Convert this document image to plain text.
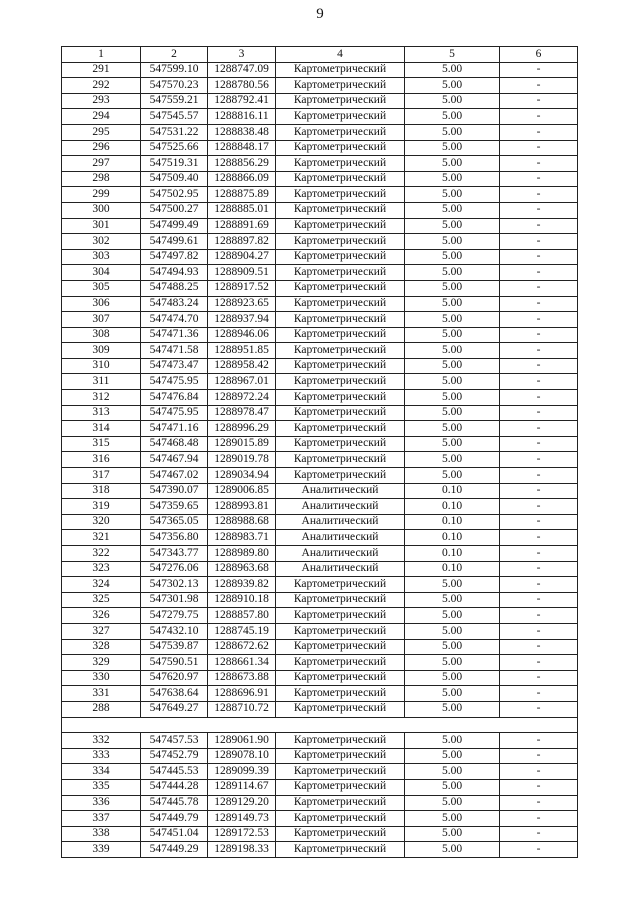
9
1	2	3	4	5	6
291	547599.10	1288747.09	Картометрический	5.00	-
292	547570.23	1288780.56	Картометрический	5.00	-
293	547559.21	1288792.41	Картометрический	5.00	-
294	547545.57	1288816.11	Картометрический	5.00	-
295	547531.22	1288838.48	Картометрический	5.00	-
296	547525.66	1288848.17	Картометрический	5.00	-
297	547519.31	1288856.29	Картометрический	5.00	-
298	547509.40	1288866.09	Картометрический	5.00	-
299	547502.95	1288875.89	Картометрический	5.00	-
300	547500.27	1288885.01	Картометрический	5.00	-
301	547499.49	1288891.69	Картометрический	5.00	-
302	547499.61	1288897.82	Картометрический	5.00	-
303	547497.82	1288904.27	Картометрический	5.00	-
304	547494.93	1288909.51	Картометрический	5.00	-
305	547488.25	1288917.52	Картометрический	5.00	-
306	547483.24	1288923.65	Картометрический	5.00	-
307	547474.70	1288937.94	Картометрический	5.00	-
308	547471.36	1288946.06	Картометрический	5.00	-
309	547471.58	1288951.85	Картометрический	5.00	-
310	547473.47	1288958.42	Картометрический	5.00	-
311	547475.95	1288967.01	Картометрический	5.00	-
312	547476.84	1288972.24	Картометрический	5.00	-
313	547475.95	1288978.47	Картометрический	5.00	-
314	547471.16	1288996.29	Картометрический	5.00	-
315	547468.48	1289015.89	Картометрический	5.00	-
316	547467.94	1289019.78	Картометрический	5.00	-
317	547467.02	1289034.94	Картометрический	5.00	-
318	547390.07	1289006.85	Аналитический	0.10	-
319	547359.65	1288993.81	Аналитический	0.10	-
320	547365.05	1288988.68	Аналитический	0.10	-
321	547356.80	1288983.71	Аналитический	0.10	-
322	547343.77	1288989.80	Аналитический	0.10	-
323	547276.06	1288963.68	Аналитический	0.10	-
324	547302.13	1288939.82	Картометрический	5.00	-
325	547301.98	1288910.18	Картометрический	5.00	-
326	547279.75	1288857.80	Картометрический	5.00	-
327	547432.10	1288745.19	Картометрический	5.00	-
328	547539.87	1288672.62	Картометрический	5.00	-
329	547590.51	1288661.34	Картометрический	5.00	-
330	547620.97	1288673.88	Картометрический	5.00	-
331	547638.64	1288696.91	Картометрический	5.00	-
288	547649.27	1288710.72	Картометрический	5.00	-

332	547457.53	1289061.90	Картометрический	5.00	-
333	547452.79	1289078.10	Картометрический	5.00	-
334	547445.53	1289099.39	Картометрический	5.00	-
335	547444.28	1289114.67	Картометрический	5.00	-
336	547445.78	1289129.20	Картометрический	5.00	-
337	547449.79	1289149.73	Картометрический	5.00	-
338	547451.04	1289172.53	Картометрический	5.00	-
339	547449.29	1289198.33	Картометрический	5.00	-
